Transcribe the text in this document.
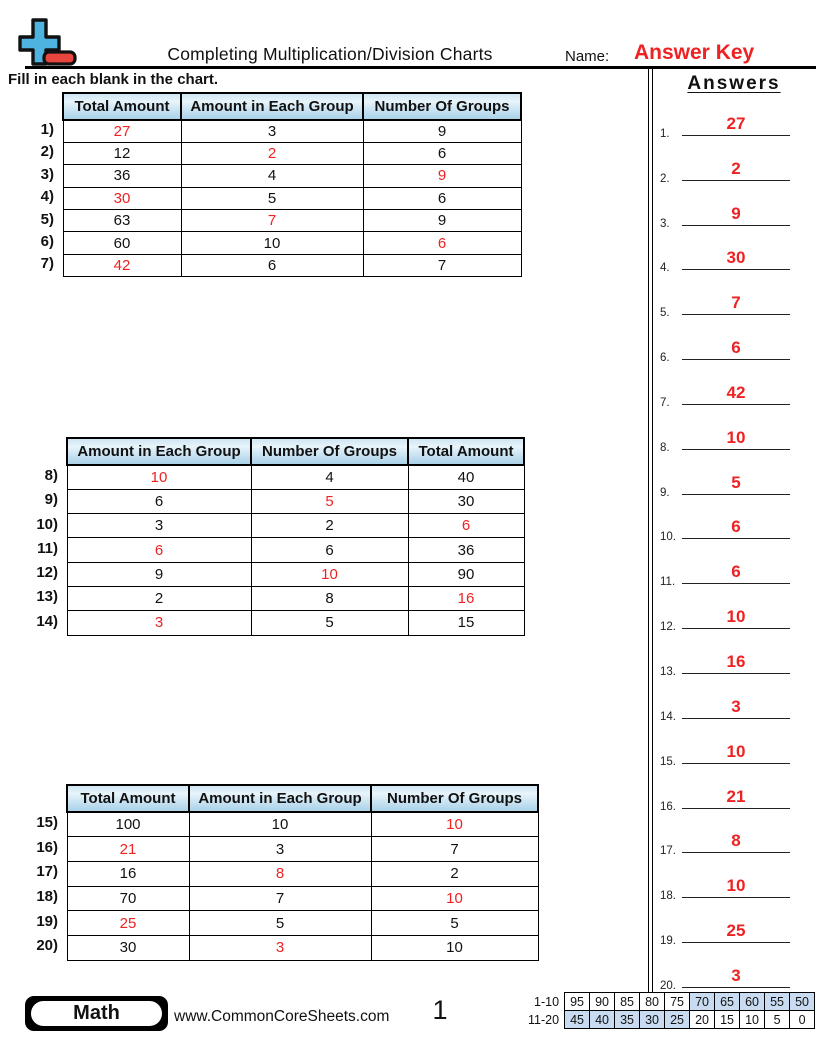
Completing Multiplication/Division Charts	Name: Answer Key
Fill in each blank in the chart.
1)
2)
3)
4)
5)
6)
7)
Total Amount	Amount in Each Group	Number Of Groups
27	3	9
12	2	6
36	4	9
30	5	6
63	7	9
60	10	6
42	6	7
8)
9)
10)
11)
12)
13)
14)
Amount in Each Group	Number Of Groups	Total Amount
10	4	40
6	5	30
3	2	6
6	6	36
9	10	90
2	8	16
3	5	15
15)
16)
17)
18)
19)
20)
Total Amount	Amount in Each Group	Number Of Groups
100	10	10
21	3	7
16	8	2
70	7	10
25	5	5
30	3	10
Answers
1.
27
2.
2
3.
9
4.
30
5.
7
6.
6
7.
42
8.
10
9.
5
10.
6
11.
6
12.
10
13.
16
14.
3
15.
10
16.
21
17.
8
18.
10
19.
25
20.
3
Math	www.CommonCoreSheets.com	1	1-10	95	90	85	80	75	70	65	60	55	50
11-20	45	40	35	30	25	20	15	10	5	0
